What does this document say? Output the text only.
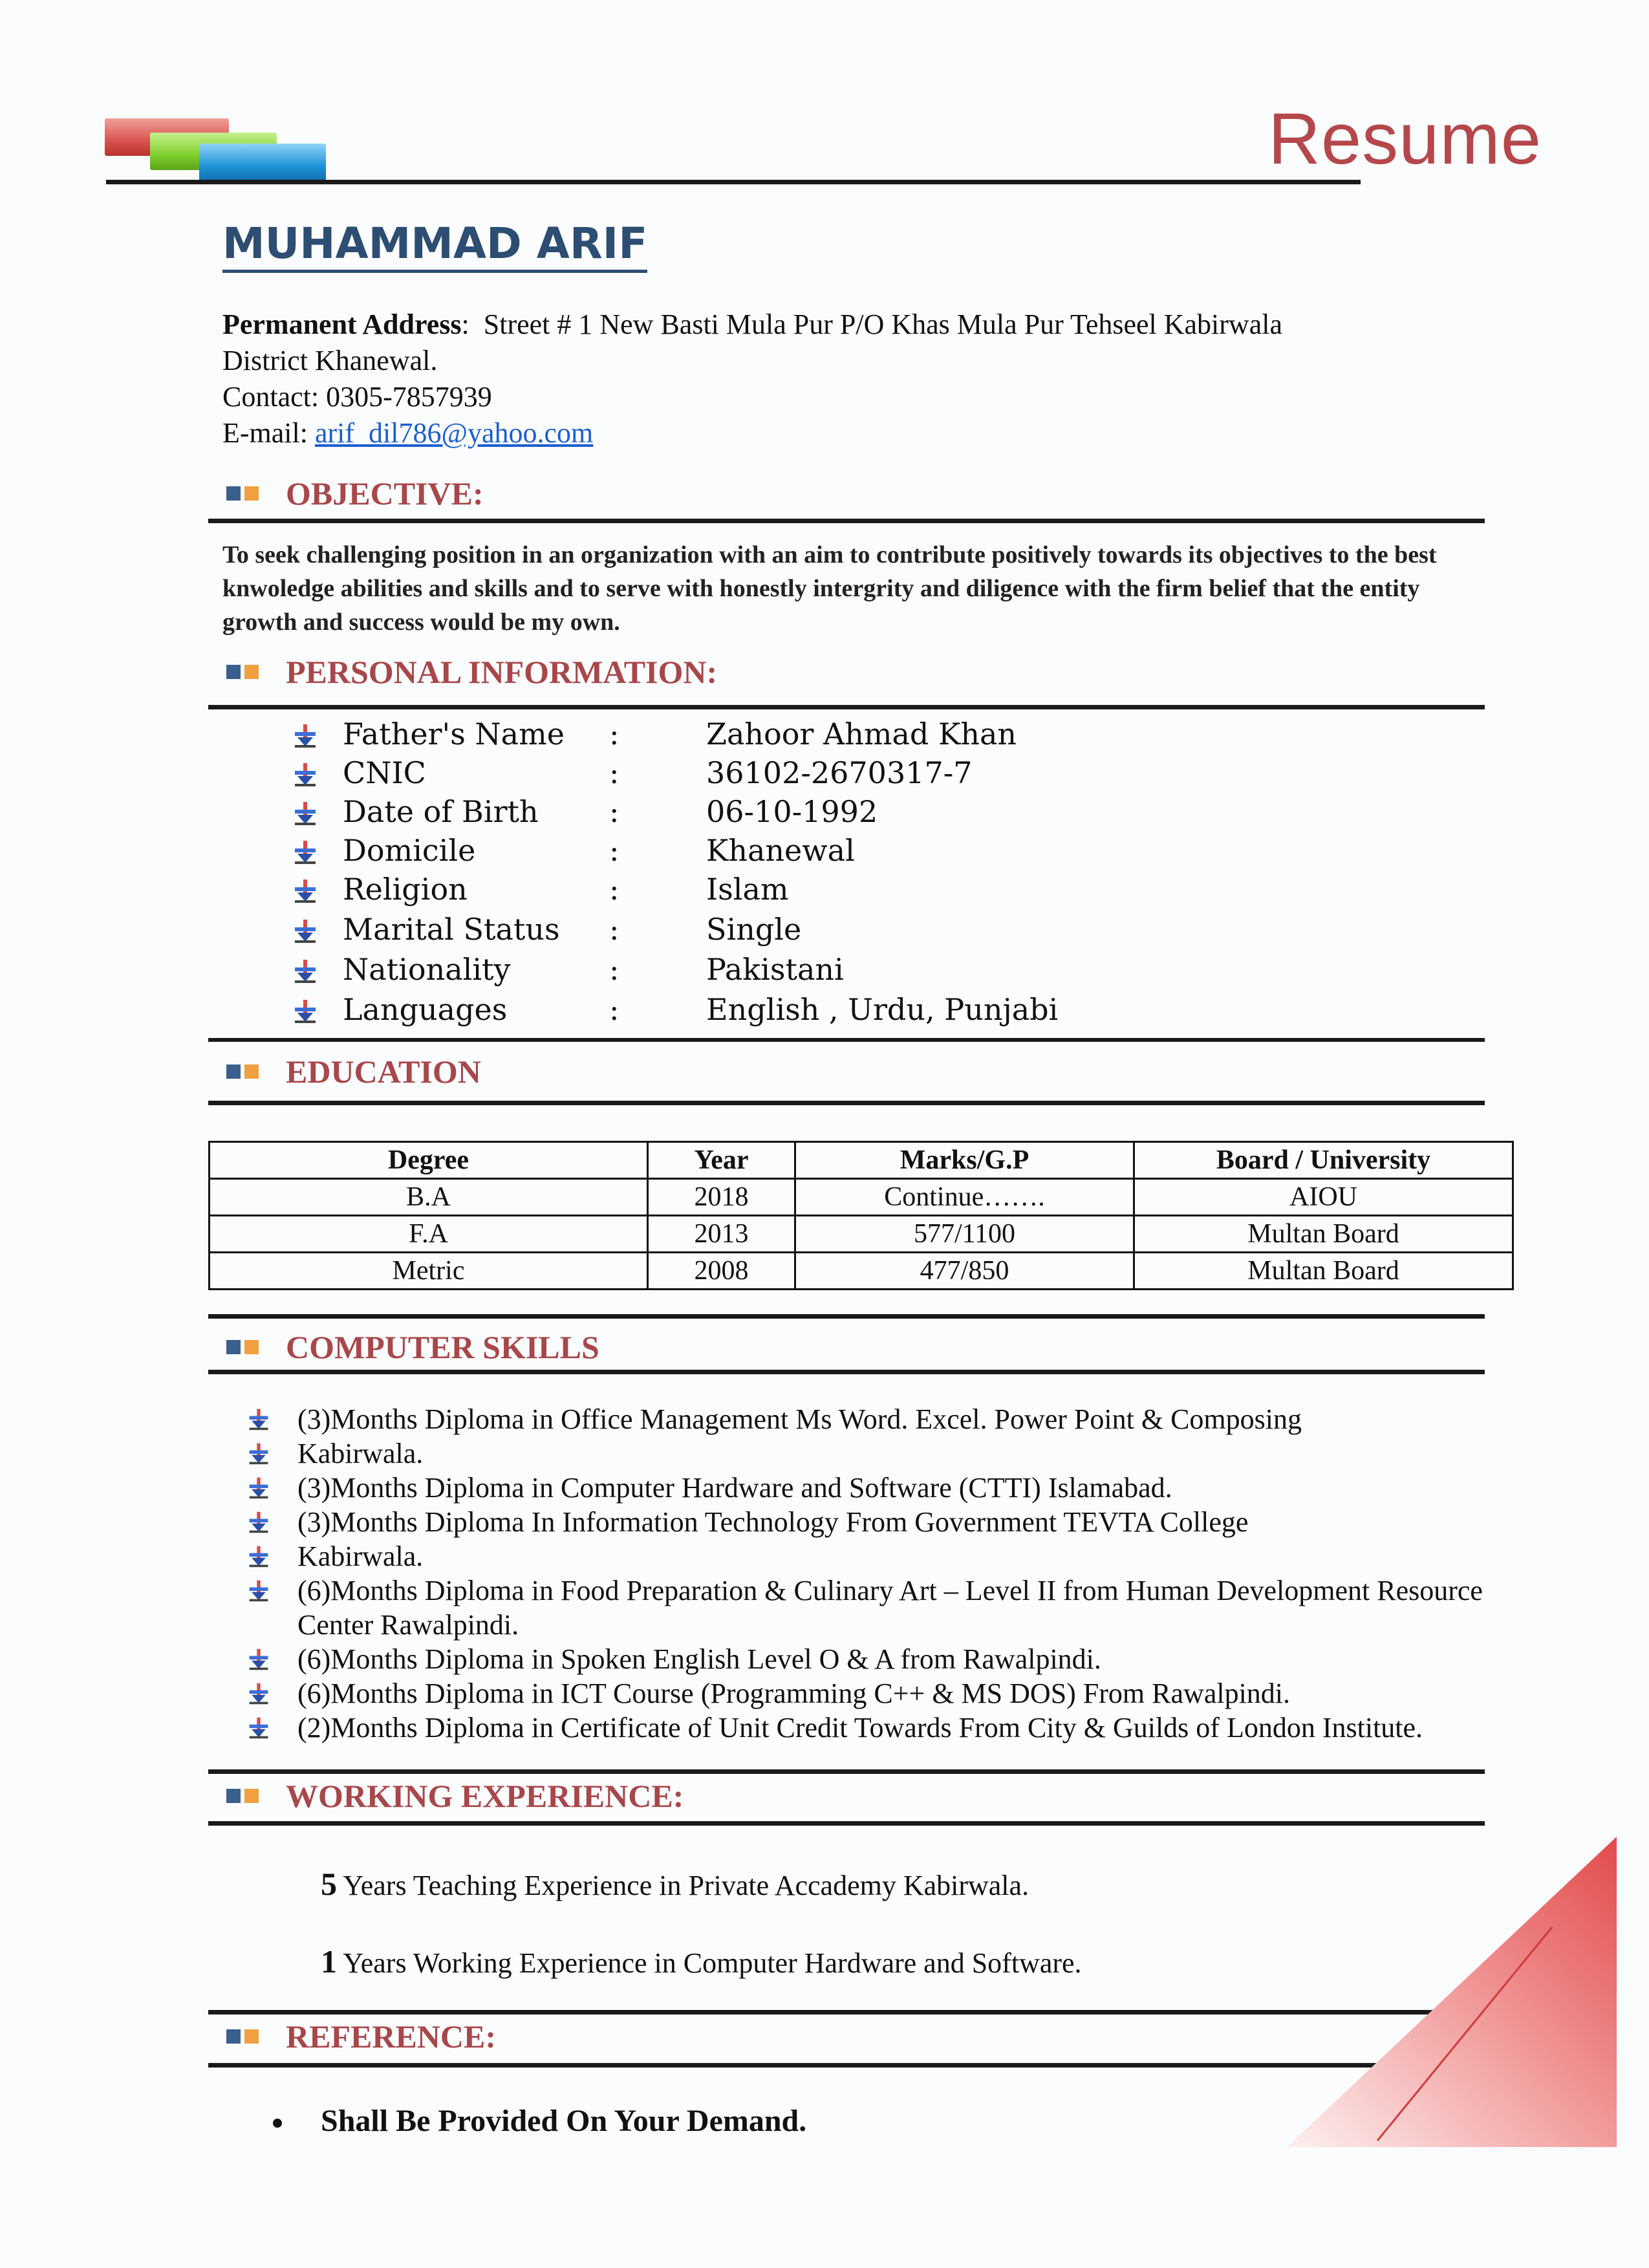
Resume
MUHAMMAD ARIF
Permanent Address:  Street # 1 New Basti Mula Pur P/O Khas Mula Pur Tehseel Kabirwala
District Khanewal.
Contact: 0305-7857939
E-mail: arif_dil786@yahoo.com
OBJECTIVE:
To seek challenging position in an organization with an aim to contribute positively towards its objectives to the best knwoledge abilities and skills and to serve with honestly intergrity and diligence with the firm belief that the entity growth and success would be my own.
PERSONAL INFORMATION:
Father's Name :	Zahoor Ahmad Khan
CNIC	:	36102-2670317-7
Date of Birth :	06-10-1992
Domicile	:	Khanewal
Religion	:	Islam
Marital Status :	Single
Nationality	:	Pakistani
Languages	:	English , Urdu, Punjabi
EDUCATION
Degree	Year	Marks/G.P	Board / University
B.A	2018	Continue…….	AIOU
F.A	2013	577/1100	Multan Board
Metric	2008	477/850	Multan Board
COMPUTER SKILLS
(3)Months Diploma in Office Management Ms Word. Excel. Power Point & Composing
Kabirwala.
(3)Months Diploma in Computer Hardware and Software (CTTI) Islamabad.
(3)Months Diploma In Information Technology From Government TEVTA College
Kabirwala.
(6)Months Diploma in Food Preparation & Culinary Art – Level II from Human Development Resource Center Rawalpindi.
(6)Months Diploma in Spoken English Level O & A from Rawalpindi.
(6)Months Diploma in ICT Course (Programming C++ & MS DOS) From Rawalpindi.
(2)Months Diploma in Certificate of Unit Credit Towards From City & Guilds of London Institute.
WORKING EXPERIENCE:
5 Years Teaching Experience in Private Accademy Kabirwala.
1 Years Working Experience in Computer Hardware and Software.
REFERENCE:
Shall Be Provided On Your Demand.
